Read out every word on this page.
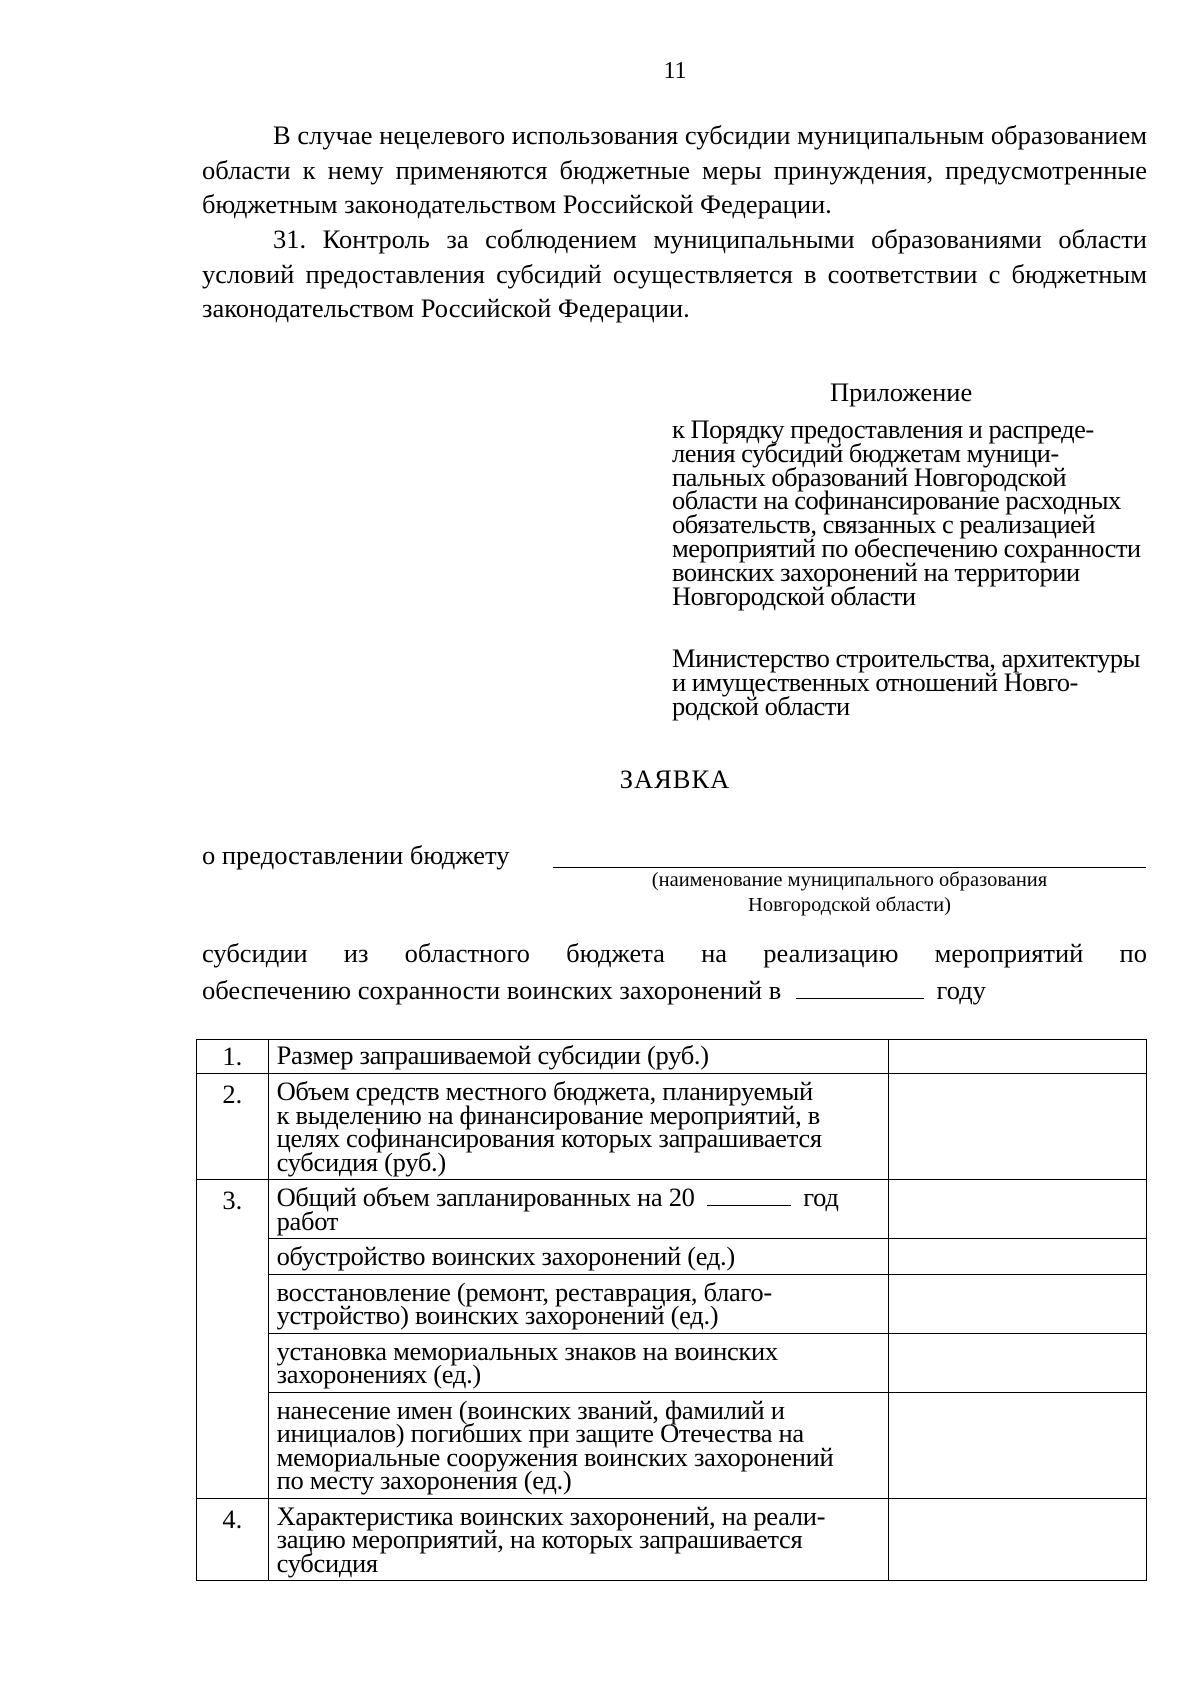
11
В случае нецелевого использования субсидии муниципальным образованием области к нему применяются бюджетные меры принуждения, предусмотренные бюджетным законодательством Российской Федерации.
31. Контроль за соблюдением муниципальными образованиями области условий предоставления субсидий осуществляется в соответствии с бюджетным законодательством Российской Федерации.
Приложение
к Порядку предоставления и распреде-
ления субсидий бюджетам муници-
пальных образований Новгородской
области на софинансирование расходных
обязательств, связанных с реализацией
мероприятий по обеспечению сохранности
воинских захоронений на территории
Новгородской области
Министерство строительства, архитектуры
и имущественных отношений Новго-
родской области
ЗАЯВКА
о предоставлении бюджету
(наименование муниципального образования
Новгородской области)
субсидии из областного бюджета на реализацию мероприятий по
обеспечению сохранности воинских захоронений в	году
1.	Размер запрашиваемой субсидии (руб.)	

2.	Объем средств местного бюджета, планируемый
к выделению на финансирование мероприятий, в
целях софинансирования которых запрашивается
субсидия (руб.)	

3.	Общий объем запланированных на 20 год
работ	

	обустройство воинских захоронений (ед.)	

	восстановление (ремонт, реставрация, благо-
устройство) воинских захоронений (ед.)	

	установка мемориальных знаков на воинских
захоронениях (ед.)	

	нанесение имен (воинских званий, фамилий и
инициалов) погибших при защите Отечества на
мемориальные сооружения воинских захоронений
по месту захоронения (ед.)	

4.	Характеристика воинских захоронений, на реали-
зацию мероприятий, на которых запрашивается
субсидия	
